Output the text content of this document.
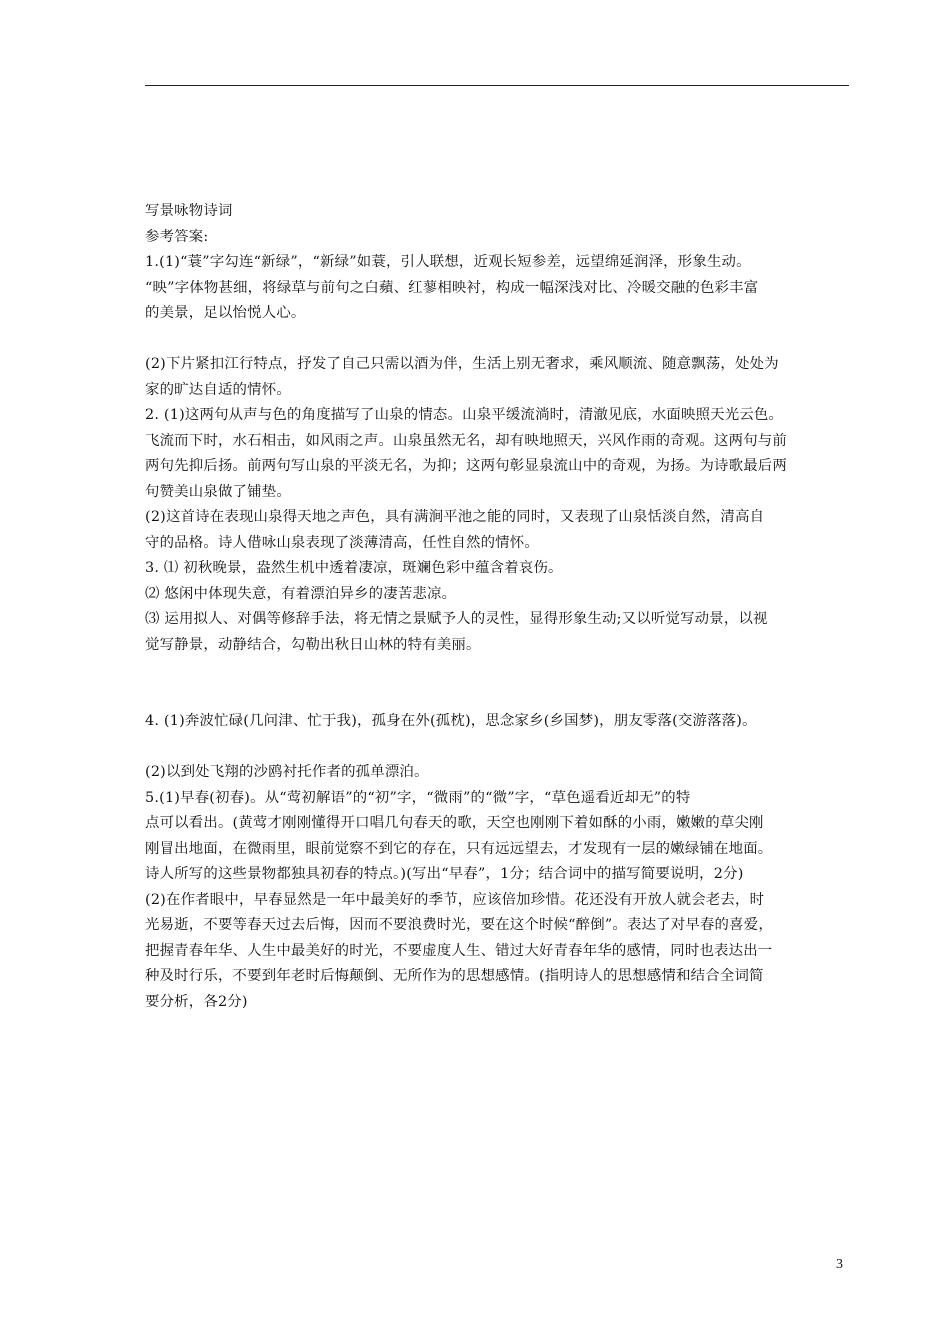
写景咏物诗词

参考答案:

1.(1)“蓑”字勾连“新绿”，“新绿”如蓑，引人联想，近观长短参差，远望绵延润泽，形象生动。

“映”字体物甚细，将绿草与前句之白蘋、红蓼相映衬，构成一幅深浅对比、冷暖交融的色彩丰富

的美景，足以怡悦人心。

(2)下片紧扣江行特点，抒发了自己只需以酒为伴，生活上别无奢求，乘风顺流、随意飘荡，处处为

家的旷达自适的情怀。

2. (1)这两句从声与色的角度描写了山泉的情态。山泉平缓流淌时，清澈见底，水面映照天光云色。

飞流而下时，水石相击，如风雨之声。山泉虽然无名，却有映地照天，兴风作雨的奇观。这两句与前

两句先抑后扬。前两句写山泉的平淡无名，为抑；这两句彰显泉流山中的奇观，为扬。为诗歌最后两

句赞美山泉做了铺垫。

(2)这首诗在表现山泉得天地之声色，具有满涧平池之能的同时，又表现了山泉恬淡自然，清高自

守的品格。诗人借咏山泉表现了淡薄清高，任性自然的情怀。

3. ⑴ 初秋晚景，盎然生机中透着凄凉，斑斓色彩中蕴含着哀伤。

⑵ 悠闲中体现失意，有着漂泊异乡的凄苦悲凉。

⑶ 运用拟人、对偶等修辞手法，将无情之景赋予人的灵性，显得形象生动;又以听觉写动景，以视

觉写静景，动静结合，勾勒出秋日山林的特有美丽。

4. (1)奔波忙碌(几问津、忙于我)，孤身在外(孤枕)，思念家乡(乡国梦)，朋友零落(交游落落)。

(2)以到处飞翔的沙鸥衬托作者的孤单漂泊。

5.(1)早春(初春)。从“莺初解语”的“初”字，“微雨”的“微”字，“草色遥看近却无”的特

点可以看出。(黄莺才刚刚懂得开口唱几句春天的歌，天空也刚刚下着如酥的小雨，嫩嫩的草尖刚

刚冒出地面，在微雨里，眼前觉察不到它的存在，只有远远望去，才发现有一层的嫩绿铺在地面。

诗人所写的这些景物都独具初春的特点。)(写出“早春”，1分；结合词中的描写简要说明，2分)

(2)在作者眼中，早春显然是一年中最美好的季节，应该倍加珍惜。花还没有开放人就会老去，时

光易逝，不要等春天过去后悔，因而不要浪费时光，要在这个时候“醉倒”。表达了对早春的喜爱，

把握青春年华、人生中最美好的时光，不要虚度人生、错过大好青春年华的感情，同时也表达出一

种及时行乐，不要到年老时后悔颠倒、无所作为的思想感情。(指明诗人的思想感情和结合全词简

要分析，各2分)

3
